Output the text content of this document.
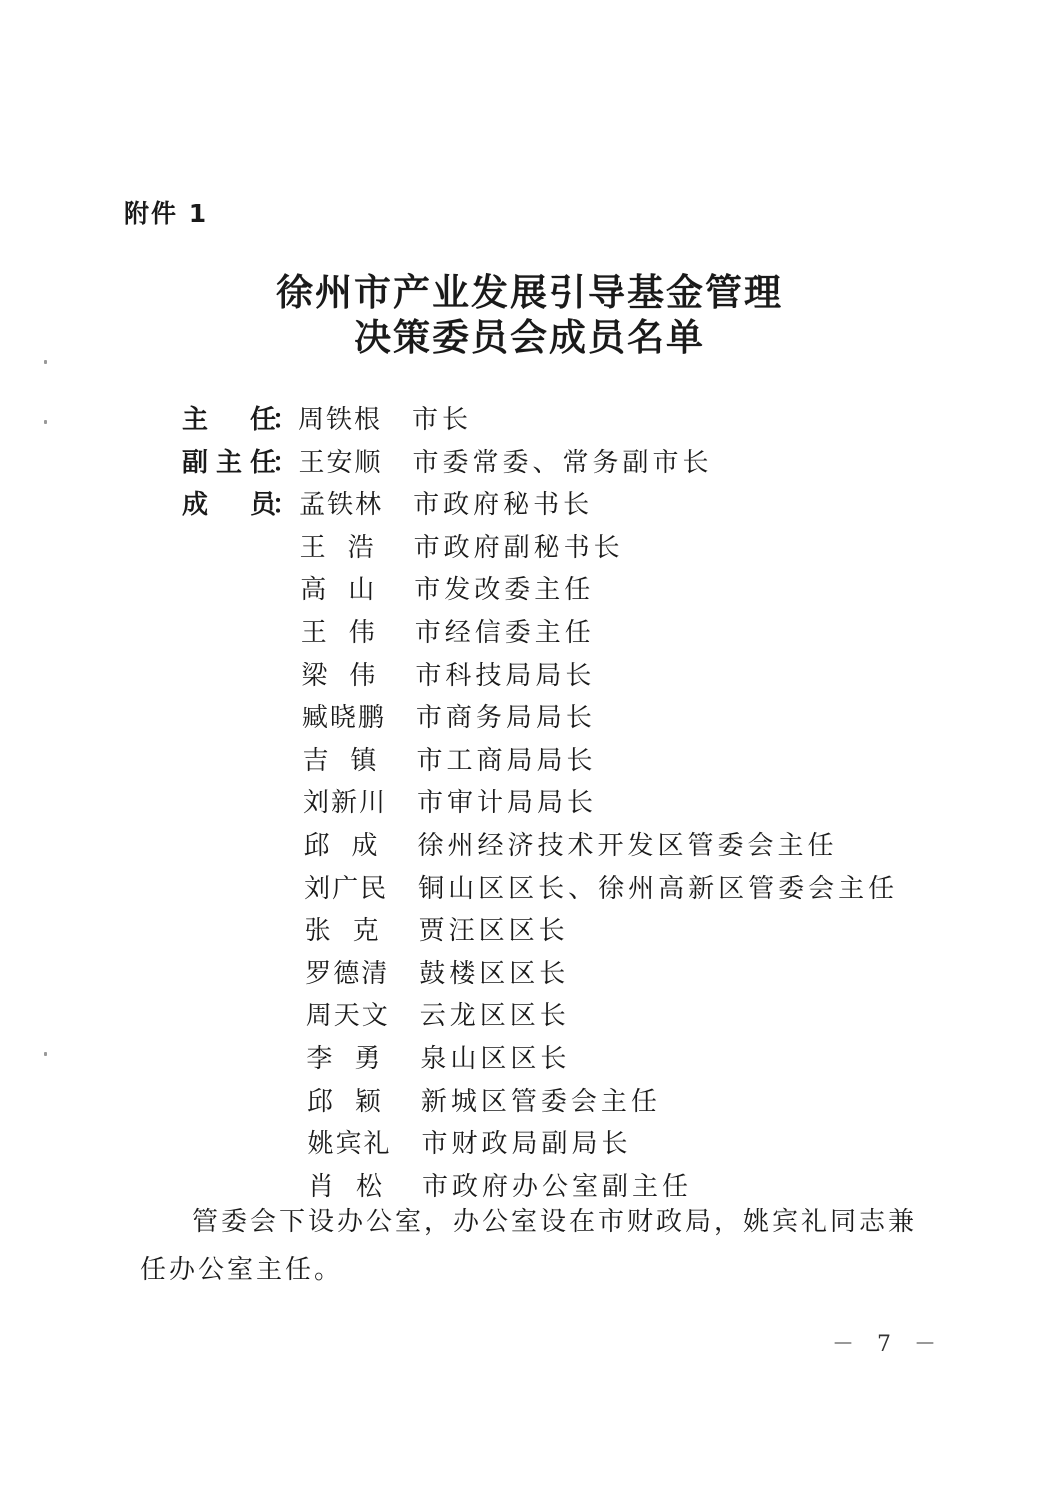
附件 1
徐州市产业发展引导基金管理
决策委员会成员名单
主任
： 周铁根 市长
副主任
： 王安顺 市委常委、常务副市长
成员
： 孟铁林 市政府秘书长
王浩 市政府副秘书长
高山 市发改委主任
王伟 市经信委主任
梁伟 市科技局局长
臧晓鹏 市商务局局长
吉镇 市工商局局长
刘新川 市审计局局长
邱成 徐州经济技术开发区管委会主任
刘广民 铜山区区长、徐州高新区管委会主任
张克 贾汪区区长
罗德清 鼓楼区区长
周天文 云龙区区长
李勇 泉山区区长
邱颖 新城区管委会主任
姚宾礼 市财政局副局长
肖松 市政府办公室副主任
管委会下设办公室，办公室设在市财政局，姚宾礼同志兼任办公室主任。
－ 7 －
